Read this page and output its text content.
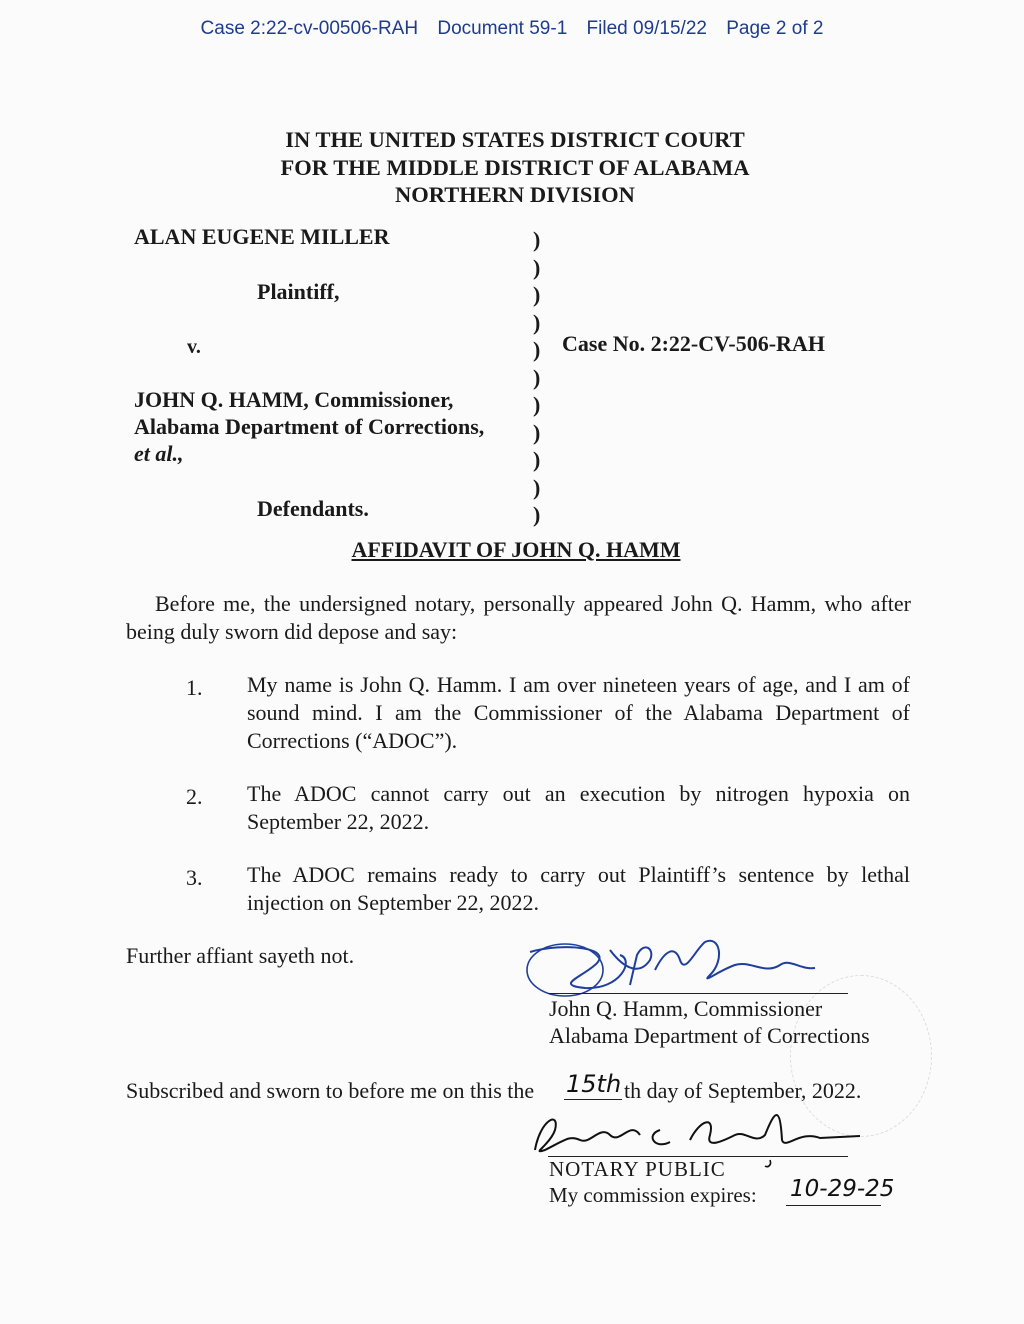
Case 2:22-cv-00506-RAH Document 59-1 Filed 09/15/22 Page 2 of 2
IN THE UNITED STATES DISTRICT COURT
FOR THE MIDDLE DISTRICT OF ALABAMA
NORTHERN DIVISION
ALAN EUGENE MILLER
Plaintiff,
v.	Case No. 2:22-CV-506-RAH
JOHN Q. HAMM, Commissioner,
Alabama Department of Corrections,
et al.,
Defendants.
)
)
)
)
)
)
)
)
)
)
)
AFFIDAVIT OF JOHN Q. HAMM
Before me, the undersigned notary, personally appeared John Q. Hamm, who after being duly sworn did depose and say:
1. My name is John Q. Hamm. I am over nineteen years of age, and I am of sound mind. I am the Commissioner of the Alabama Department of Corrections (“ADOC”).
2. The ADOC cannot carry out an execution by nitrogen hypoxia on September 22, 2022.
3. The ADOC remains ready to carry out Plaintiff’s sentence by lethal injection on September 22, 2022.
Further affiant sayeth not.
John Q. Hamm, Commissioner
Alabama Department of Corrections
Subscribed and sworn to before me on this the 15th th day of September, 2022.
NOTARY PUBLIC
My commission expires: 10-29-25
